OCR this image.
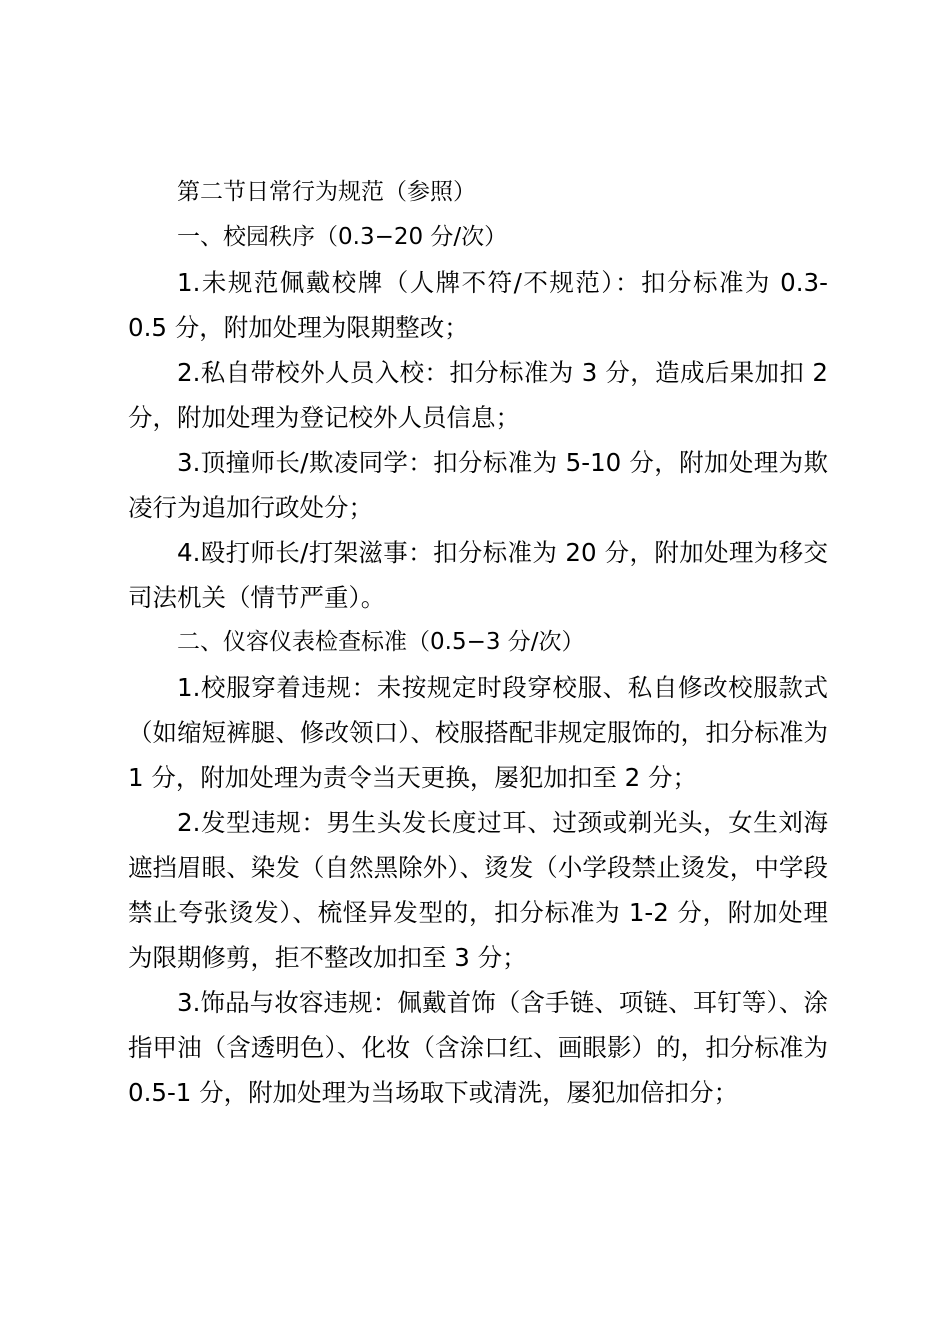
第二节日常行为规范（参照）

一、校园秩序（0.3−20 分/次）

1.未规范佩戴校牌（人牌不符/不规范）：扣分标准为 0.3-0.5 分，附加处理为限期整改；

2.私自带校外人员入校：扣分标准为 3 分，造成后果加扣 2 分，附加处理为登记校外人员信息；

3.顶撞师长/欺凌同学：扣分标准为 5-10 分，附加处理为欺凌行为追加行政处分；

4.殴打师长/打架滋事：扣分标准为 20 分，附加处理为移交司法机关（情节严重）。

二、仪容仪表检查标准（0.5−3 分/次）

1.校服穿着违规：未按规定时段穿校服、私自修改校服款式（如缩短裤腿、修改领口）、校服搭配非规定服饰的，扣分标准为 1 分，附加处理为责令当天更换，屡犯加扣至 2 分；

2.发型违规：男生头发长度过耳、过颈或剃光头，女生刘海遮挡眉眼、染发（自然黑除外）、烫发（小学段禁止烫发，中学段禁止夸张烫发）、梳怪异发型的，扣分标准为 1-2 分，附加处理为限期修剪，拒不整改加扣至 3 分；

3.饰品与妆容违规：佩戴首饰（含手链、项链、耳钉等）、涂指甲油（含透明色）、化妆（含涂口红、画眼影）的，扣分标准为 0.5-1 分，附加处理为当场取下或清洗，屡犯加倍扣分；
